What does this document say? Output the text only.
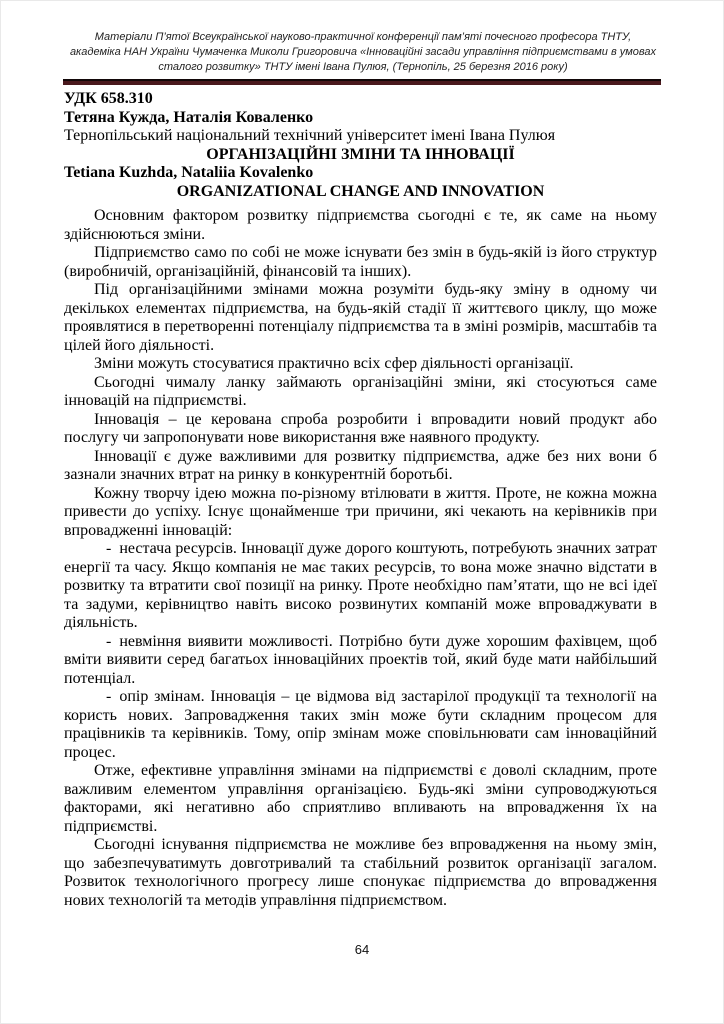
Матеріали П’ятої Всеукраїнської науково-практичної конференції пам’яті почесного професора ТНТУ,
академіка НАН України Чумаченка Миколи Григоровича «Інноваційні засади управління підприємствами в умовах
сталого розвитку» ТНТУ імені Івана Пулюя, (Тернопіль, 25 березня 2016 року)
УДК 658.310
Тетяна Кужда, Наталія Коваленко
Тернопільський національний технічний університет імені Івана Пулюя
ОРГАНІЗАЦІЙНІ ЗМІНИ ТА ІННОВАЦІЇ
Tetiana Kuzhda, Nataliia Kovalenko
ORGANIZATIONAL CHANGE AND INNOVATION

Основним фактором розвитку підприємства сьогодні є те, як саме на ньому здійснюються зміни.

Підприємство само по собі не може існувати без змін в будь-якій із його структур (виробничій, організаційній, фінансовій та інших).

Під організаційними змінами можна розуміти будь-яку зміну в одному чи декількох елементах підприємства, на будь-якій стадії її життєвого циклу, що може проявлятися в перетворенні потенціалу підприємства та в зміні розмірів, масштабів та цілей його діяльності.

Зміни можуть стосуватися практично всіх сфер діяльності організації.

Сьогодні чималу ланку займають організаційні зміни, які стосуються саме інновацій на підприємстві.

Інновація – це керована спроба розробити і впровадити новий продукт або послугу чи запропонувати нове використання вже наявного продукту.

Інновації є дуже важливими для розвитку підприємства, адже без них вони б зазнали значних втрат на ринку в конкурентній боротьбі.

Кожну творчу ідею можна по-різному втілювати в життя. Проте, не кожна можна привести до успіху. Існує щонайменше три причини, які чекають на керівників при впровадженні інновацій:

- нестача ресурсів. Інновації дуже дорого коштують, потребують значних затрат енергії та часу. Якщо компанія не має таких ресурсів, то вона може значно відстати в розвитку та втратити свої позиції на ринку. Проте необхідно пам’ятати, що не всі ідеї та задуми, керівництво навіть високо розвинутих компаній може впроваджувати в діяльність.

- невміння виявити можливості. Потрібно бути дуже хорошим фахівцем, щоб вміти виявити серед багатьох інноваційних проектів той, який буде мати найбільший потенціал.

- опір змінам. Інновація – це відмова від застарілої продукції та технології на користь нових. Запровадження таких змін може бути складним процесом для працівників та керівників. Тому, опір змінам може сповільнювати сам інноваційний процес.

Отже, ефективне управління змінами на підприємстві є доволі складним, проте важливим елементом управління організацією. Будь-які зміни супроводжуються факторами, які негативно або сприятливо впливають на впровадження їх на підприємстві.

Сьогодні існування підприємства не можливе без впровадження на ньому змін, що забезпечуватимуть довготривалий та стабільний розвиток організації загалом. Розвиток технологічного прогресу лише спонукає підприємства до впровадження нових технологій та методів управління підприємством.

64
